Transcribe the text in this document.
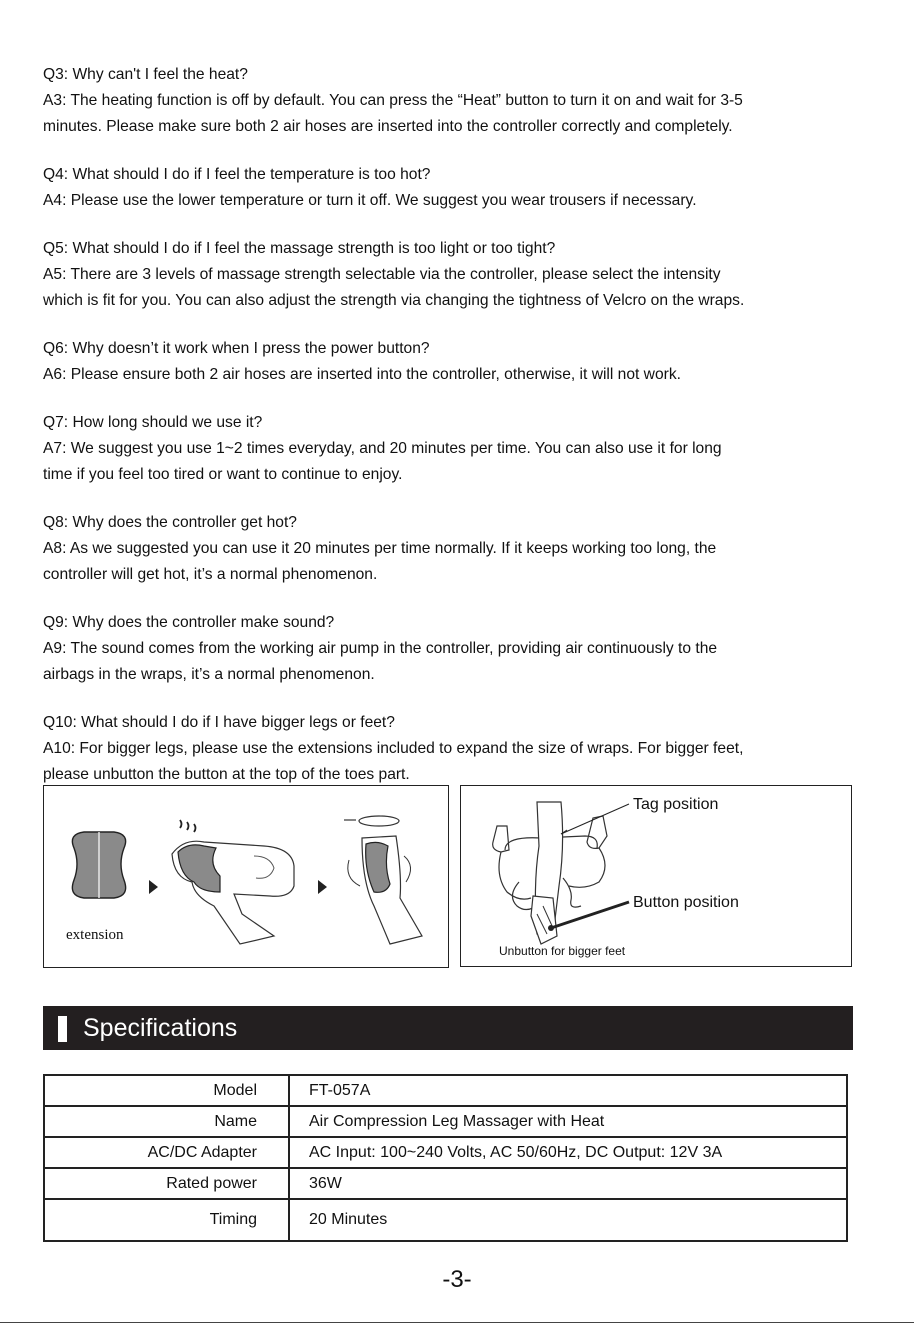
Q3: Why can't I feel the heat?
A3: The heating function is off by default. You can press the “Heat” button to turn it on and wait for 3-5
minutes. Please make sure both 2 air hoses are inserted into the controller correctly and completely.
Q4: What should I do if I feel the temperature is too hot?
A4: Please use the lower temperature or turn it off. We suggest you wear trousers if necessary.
Q5: What should I do if I feel the massage strength is too light or too tight?
A5: There are 3 levels of massage strength selectable via the controller, please select the intensity
which is fit for you. You can also adjust the strength via changing the tightness of Velcro on the wraps.
Q6: Why doesn’t it work when I press the power button?
A6: Please ensure both 2 air hoses are inserted into the controller, otherwise, it will not work.
Q7: How long should we use it?
A7: We suggest you use 1~2 times everyday, and 20 minutes per time. You can also use it for long
time if you feel too tired or want to continue to enjoy.
Q8: Why does the controller get hot?
A8: As we suggested you can use it 20 minutes per time normally. If it keeps working too long, the
controller will get hot, it’s a normal phenomenon.
Q9: Why does the controller make sound?
A9: The sound comes from the working air pump in the controller, providing air continuously to the
airbags in the wraps, it’s a normal phenomenon.
Q10: What should I do if I have bigger legs or feet?
A10: For bigger legs, please use the extensions included to expand the size of wraps. For bigger feet,
please unbutton the button at the top of the toes part.
extension
Tag position
Button position
Unbutton for bigger feet
Specifications
Model	FT-057A
Name	Air Compression Leg Massager with Heat
AC/DC Adapter	AC Input: 100~240 Volts, AC 50/60Hz, DC Output: 12V 3A
Rated power	36W
Timing	20 Minutes
-3-
